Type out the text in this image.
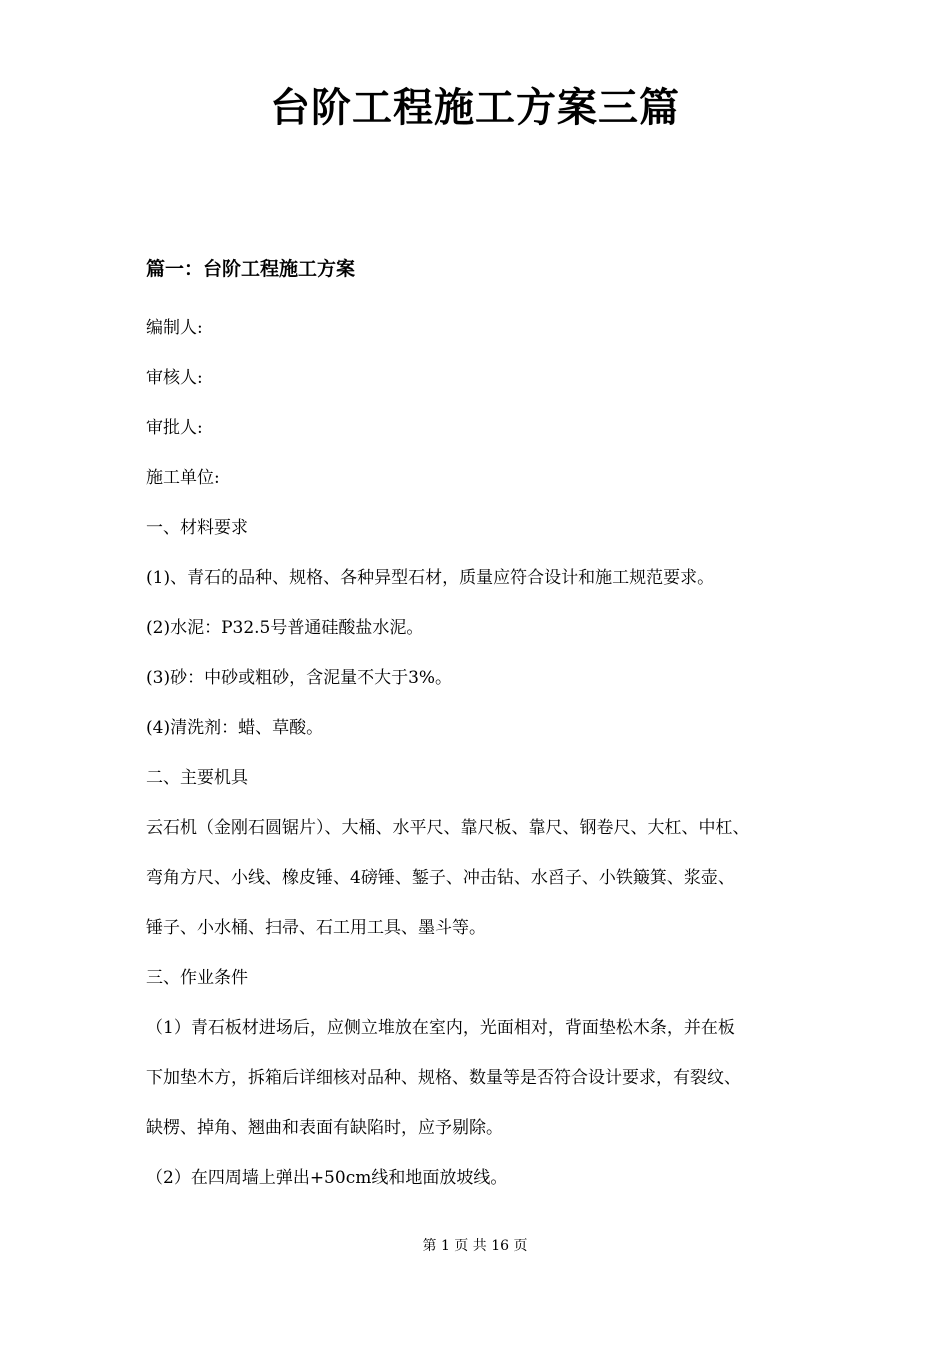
台阶工程施工方案三篇
篇一：台阶工程施工方案
编制人:
审核人:
审批人:
施工单位:
一、材料要求
(1)、青石的品种、规格、各种异型石材，质量应符合设计和施工规范要求。
(2)水泥：P32.5号普通硅酸盐水泥。
(3)砂：中砂或粗砂，含泥量不大于3%。
(4)清洗剂：蜡、草酸。
二、主要机具
云石机（金刚石圆锯片）、大桶、水平尺、靠尺板、靠尺、钢卷尺、大杠、中杠、
弯角方尺、小线、橡皮锤、4磅锤、錾子、冲击钻、水舀子、小铁簸箕、浆壶、
锤子、小水桶、扫帚、石工用工具、墨斗等。
三、作业条件
（1）青石板材进场后，应侧立堆放在室内，光面相对，背面垫松木条，并在板
下加垫木方，拆箱后详细核对品种、规格、数量等是否符合设计要求，有裂纹、
缺楞、掉角、翘曲和表面有缺陷时，应予剔除。
（2）在四周墙上弹出+50cm线和地面放坡线。
第 1 页 共 16 页
